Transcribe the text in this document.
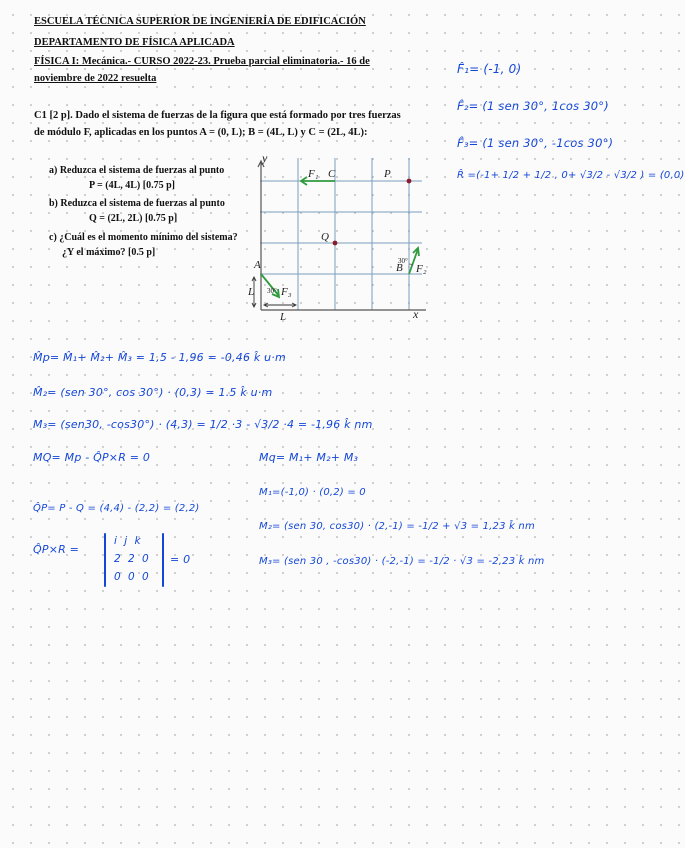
ESCUELA TÉCNICA SUPERIOR DE INGENIERÍA DE EDIFICACIÓN
DEPARTAMENTO DE FÍSICA APLICADA
FÍSICA I: Mecánica.- CURSO 2022-23. Prueba parcial eliminatoria.- 16 de
noviembre de 2022 resuelta
C1 [2 p]. Dado el sistema de fuerzas de la figura que está formado por tres fuerzas
de módulo F, aplicadas en los puntos A = (0, L); B = (4L, L) y C = (2L, 4L):
a) Reduzca el sistema de fuerzas al punto
P = (4L, 4L) [0.75 p]
b) Reduzca el sistema de fuerzas al punto
Q = (2L, 2L) [0.75 p]
c) ¿Cuál es el momento mínimo del sistema?
¿Y el máximo? [0.5 p]
y
x
F₁ C	P
Q
30°
B F₂
A
30° F₃
L
L
F̂₁= (-1, 0)
F̂₂= (1 sen 30°, 1cos 30°)
F̂₃= (1 sen 30°, -1cos 30°)
R̂ =(-1+ 1/2 + 1/2 , 0+ √3/2 - √3/2 ) = (0,0)
M̂p= M̂₁+ M̂₂+ M̂₃ = 1,5 - 1,96 = -0,46 k̂ u·m
M̂₂= (sen 30°, cos 30°) · (0,3) = 1.5 k̂ u·m
M₃= (sen30, -cos30°) · (4,3) = 1/2 ·3 - √3/2 ·4 = -1,96 k̂ nm
MQ= Mp - Q̂P×R = 0	Mq= M₁+ M₂+ M₃
M₁=(-1,0) · (0,2) = 0
M₂= (sen 30, cos30) · (2,-1) = -1/2 + √3 = 1,23 k̂ nm
M₃= (sen 30 , -cos30) · (-2,-1) = -1/2 · √3 = -2,23 k̂ nm
Q̂P= P - Q = (4,4) - (2,2) = (2,2)
Q̂P×R =
i j k
2 2 0
0 0 0
= 0
